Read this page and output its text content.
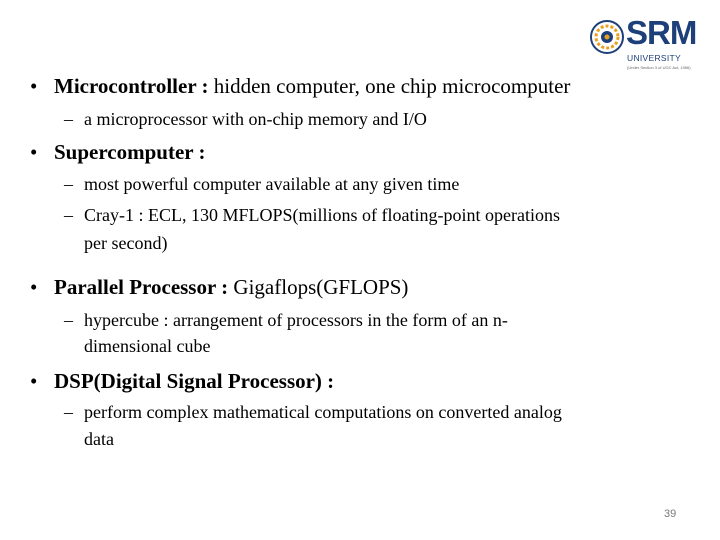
SRM
UNIVERSITY
(Under Section 3 of UGC Act, 1956)
• Microcontroller : hidden computer, one chip microcomputer
– a microprocessor with on-chip memory and I/O
• Supercomputer :
– most powerful computer available at any given time
– Cray-1 : ECL, 130 MFLOPS(millions of floating-point operations
per second)
• Parallel Processor : Gigaflops(GFLOPS)
– hypercube : arrangement of processors in the form of an n-
dimensional cube
• DSP(Digital Signal Processor) :
– perform complex mathematical computations on converted analog
data
39
